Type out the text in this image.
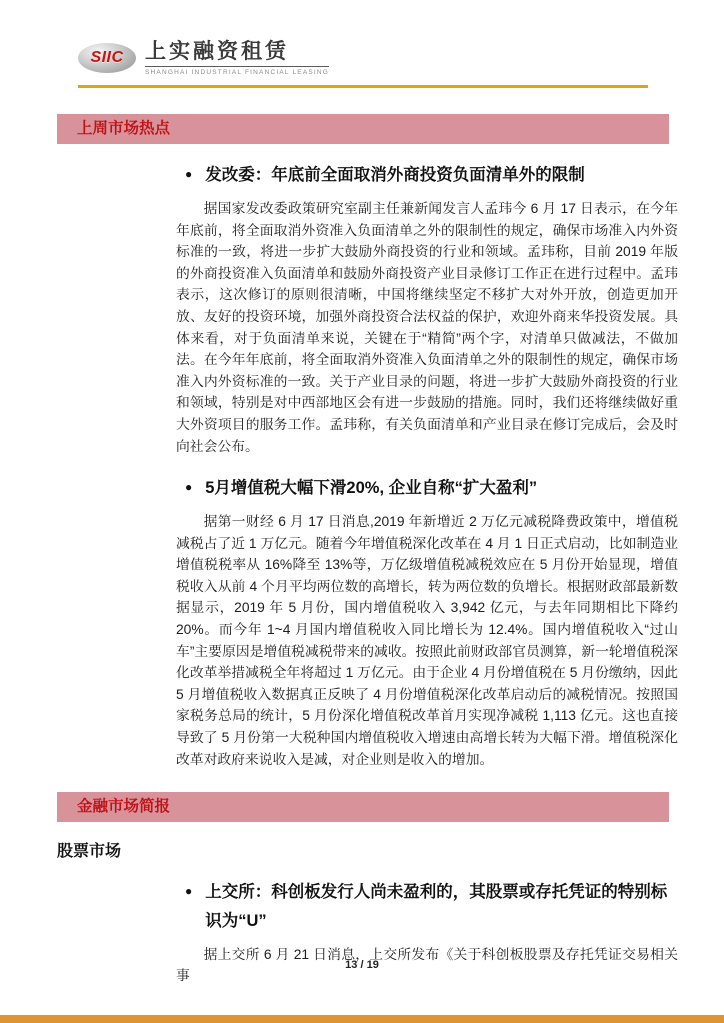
SIIC 上实融资租赁
SHANGHAI INDUSTRIAL FINANCIAL LEASING
上周市场热点
● 发改委：年底前全面取消外商投资负面清单外的限制

据国家发改委政策研究室副主任兼新闻发言人孟玮今 6 月 17 日表示，在今年年底前，将全面取消外资准入负面清单之外的限制性的规定，确保市场准入内外资标准的一致，将进一步扩大鼓励外商投资的行业和领域。孟玮称，目前 2019 年版的外商投资准入负面清单和鼓励外商投资产业目录修订工作正在进行过程中。孟玮表示，这次修订的原则很清晰，中国将继续坚定不移扩大对外开放，创造更加开放、友好的投资环境，加强外商投资合法权益的保护，欢迎外商来华投资发展。具体来看，对于负面清单来说，关键在于“精简”两个字，对清单只做减法，不做加法。在今年年底前，将全面取消外资准入负面清单之外的限制性的规定，确保市场准入内外资标准的一致。关于产业目录的问题，将进一步扩大鼓励外商投资的行业和领域，特别是对中西部地区会有进一步鼓励的措施。同时，我们还将继续做好重大外资项目的服务工作。孟玮称，有关负面清单和产业目录在修订完成后，会及时向社会公布。

● 5月增值税大幅下滑20%, 企业自称“扩大盈利”

据第一财经 6 月 17 日消息,2019 年新增近 2 万亿元减税降费政策中，增值税减税占了近 1 万亿元。随着今年增值税深化改革在 4 月 1 日正式启动，比如制造业增值税税率从 16%降至 13%等，万亿级增值税减税效应在 5 月份开始显现，增值税收入从前 4 个月平均两位数的高增长，转为两位数的负增长。根据财政部最新数据显示，2019 年 5 月份，国内增值税收入 3,942 亿元，与去年同期相比下降约 20%。而今年 1~4 月国内增值税收入同比增长为 12.4%。国内增值税收入“过山车”主要原因是增值税减税带来的减收。按照此前财政部官员测算，新一轮增值税深化改革举措减税全年将超过 1 万亿元。由于企业 4 月份增值税在 5 月份缴纳，因此 5 月增值税收入数据真正反映了 4 月份增值税深化改革启动后的减税情况。按照国家税务总局的统计，5 月份深化增值税改革首月实现净减税 1,113 亿元。这也直接导致了 5 月份第一大税种国内增值税收入增速由高增长转为大幅下滑。增值税深化改革对政府来说收入是减，对企业则是收入的增加。

金融市场简报
股票市场
● 上交所：科创板发行人尚未盈利的，其股票或存托凭证的特别标识为“U”

据上交所 6 月 21 日消息，上交所发布《关于科创板股票及存托凭证交易相关事

13 / 19
